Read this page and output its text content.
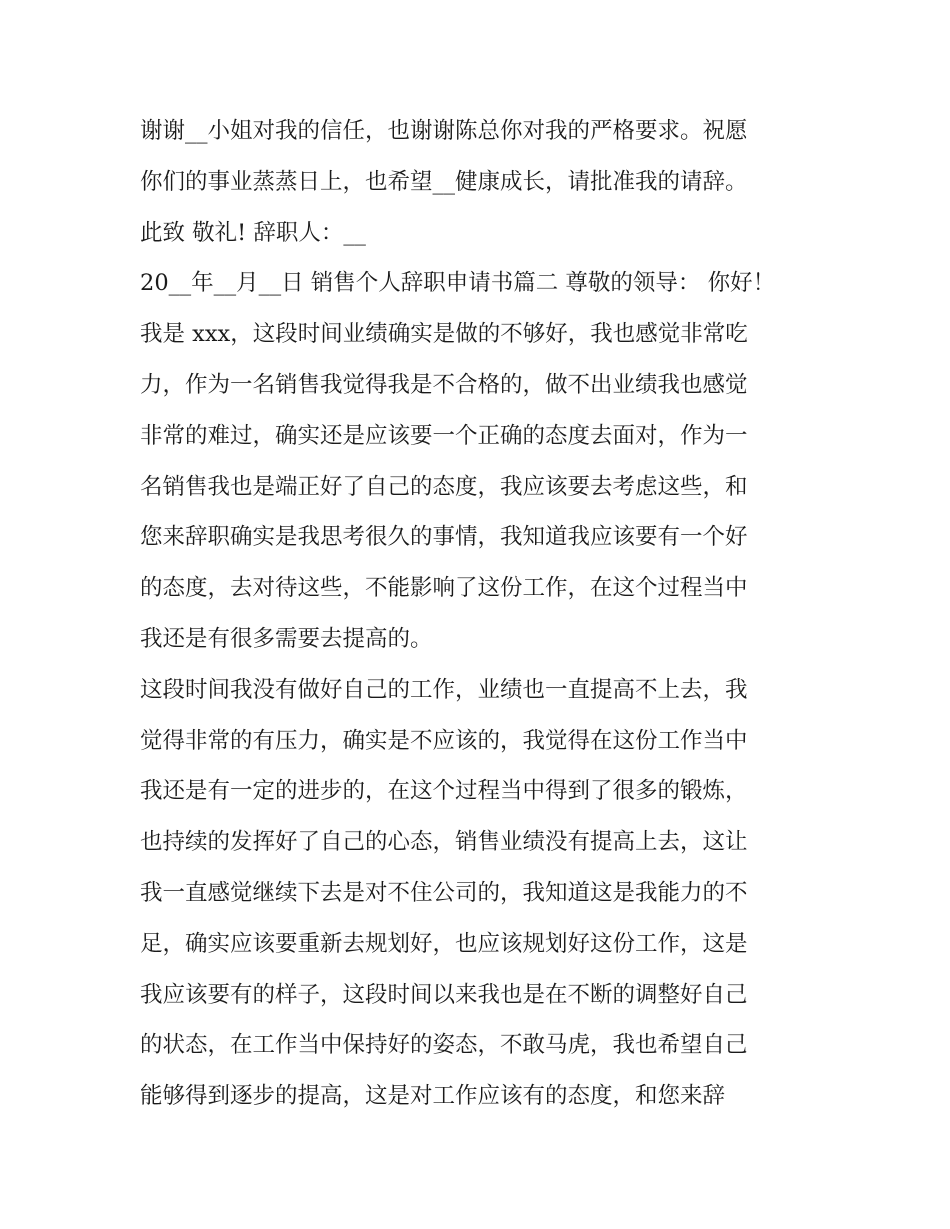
谢谢__小姐对我的信任，也谢谢陈总你对我的严格要求。祝愿

你们的事业蒸蒸日上，也希望__健康成长，请批准我的请辞。

此致 敬礼! 辞职人：__

20__年__月__日 销售个人辞职申请书篇二 尊敬的领导： 你好！

我是 xxx，这段时间业绩确实是做的不够好，我也感觉非常吃

力，作为一名销售我觉得我是不合格的，做不出业绩我也感觉

非常的难过，确实还是应该要一个正确的态度去面对，作为一

名销售我也是端正好了自己的态度，我应该要去考虑这些，和

您来辞职确实是我思考很久的事情，我知道我应该要有一个好

的态度，去对待这些，不能影响了这份工作，在这个过程当中

我还是有很多需要去提高的。

这段时间我没有做好自己的工作，业绩也一直提高不上去，我

觉得非常的有压力，确实是不应该的，我觉得在这份工作当中

我还是有一定的进步的，在这个过程当中得到了很多的锻炼，

也持续的发挥好了自己的心态，销售业绩没有提高上去，这让

我一直感觉继续下去是对不住公司的，我知道这是我能力的不

足，确实应该要重新去规划好，也应该规划好这份工作，这是

我应该要有的样子，这段时间以来我也是在不断的调整好自己

的状态，在工作当中保持好的姿态，不敢马虎，我也希望自己

能够得到逐步的提高，这是对工作应该有的态度，和您来辞
